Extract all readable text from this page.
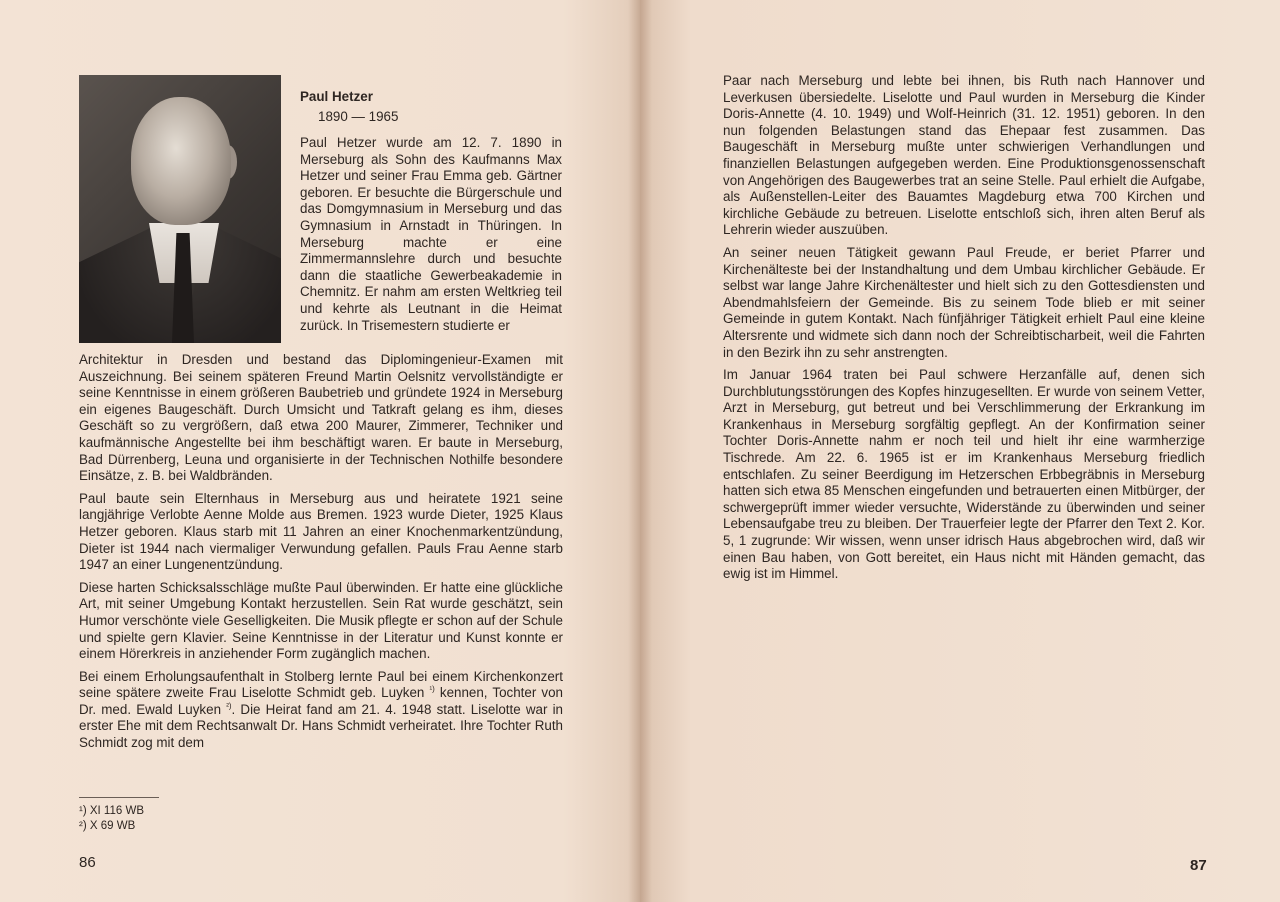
Paul Hetzer
1890 — 1965

Paul Hetzer wurde am 12. 7. 1890 in Merseburg als Sohn des Kaufmanns Max Hetzer und seiner Frau Emma geb. Gärtner geboren. Er besuchte die Bürgerschule und das Domgymnasium in Merseburg und das Gymnasium in Arnstadt in Thüringen. In Merseburg machte er eine Zimmermannslehre durch und besuchte dann die staatliche Gewerbeakademie in Chemnitz. Er nahm am ersten Weltkrieg teil und kehrte als Leutnant in die Heimat zurück. In Trisemestern studierte er

Architektur in Dresden und bestand das Diplomingenieur-Examen mit Auszeichnung. Bei seinem späteren Freund Martin Oelsnitz vervollständigte er seine Kenntnisse in einem größeren Baubetrieb und gründete 1924 in Merseburg ein eigenes Baugeschäft. Durch Umsicht und Tatkraft gelang es ihm, dieses Geschäft so zu vergrößern, daß etwa 200 Maurer, Zimmerer, Techniker und kaufmännische Angestellte bei ihm beschäftigt waren. Er baute in Merseburg, Bad Dürrenberg, Leuna und organisierte in der Technischen Nothilfe besondere Einsätze, z. B. bei Waldbränden.

Paul baute sein Elternhaus in Merseburg aus und heiratete 1921 seine langjährige Verlobte Aenne Molde aus Bremen. 1923 wurde Dieter, 1925 Klaus Hetzer geboren. Klaus starb mit 11 Jahren an einer Knochenmarkentzündung, Dieter ist 1944 nach viermaliger Verwundung gefallen. Pauls Frau Aenne starb 1947 an einer Lungenentzündung.

Diese harten Schicksalsschläge mußte Paul überwinden. Er hatte eine glückliche Art, mit seiner Umgebung Kontakt herzustellen. Sein Rat wurde geschätzt, sein Humor verschönte viele Geselligkeiten. Die Musik pflegte er schon auf der Schule und spielte gern Klavier. Seine Kenntnisse in der Literatur und Kunst konnte er einem Hörerkreis in anziehender Form zugänglich machen.

Bei einem Erholungsaufenthalt in Stolberg lernte Paul bei einem Kirchenkonzert seine spätere zweite Frau Liselotte Schmidt geb. Luyken $^{^1)}$ kennen, Tochter von Dr. med. Ewald Luyken $^{^2)}$. Die Heirat fand am 21. 4. 1948 statt. Liselotte war in erster Ehe mit dem Rechtsanwalt Dr. Hans Schmidt verheiratet. Ihre Tochter Ruth Schmidt zog mit dem

¹) XI 116 WB
²) X 69 WB
86

Paar nach Merseburg und lebte bei ihnen, bis Ruth nach Hannover und Leverkusen übersiedelte. Liselotte und Paul wurden in Merseburg die Kinder Doris-Annette (4. 10. 1949) und Wolf-Heinrich (31. 12. 1951) geboren. In den nun folgenden Belastungen stand das Ehepaar fest zusammen. Das Baugeschäft in Merseburg mußte unter schwierigen Verhandlungen und finanziellen Belastungen aufgegeben werden. Eine Produktionsgenossenschaft von Angehörigen des Baugewerbes trat an seine Stelle. Paul erhielt die Aufgabe, als Außenstellen-Leiter des Bauamtes Magdeburg etwa 700 Kirchen und kirchliche Gebäude zu betreuen. Liselotte entschloß sich, ihren alten Beruf als Lehrerin wieder auszuüben.

An seiner neuen Tätigkeit gewann Paul Freude, er beriet Pfarrer und Kirchenälteste bei der Instandhaltung und dem Umbau kirchlicher Gebäude. Er selbst war lange Jahre Kirchenältester und hielt sich zu den Gottesdiensten und Abendmahlsfeiern der Gemeinde. Bis zu seinem Tode blieb er mit seiner Gemeinde in gutem Kontakt. Nach fünfjähriger Tätigkeit erhielt Paul eine kleine Altersrente und widmete sich dann noch der Schreibtischarbeit, weil die Fahrten in den Bezirk ihn zu sehr anstrengten.

Im Januar 1964 traten bei Paul schwere Herzanfälle auf, denen sich Durchblutungsstörungen des Kopfes hinzugesellten. Er wurde von seinem Vetter, Arzt in Merseburg, gut betreut und bei Verschlimmerung der Erkrankung im Krankenhaus in Merseburg sorgfältig gepflegt. An der Konfirmation seiner Tochter Doris-Annette nahm er noch teil und hielt ihr eine warmherzige Tischrede. Am 22. 6. 1965 ist er im Krankenhaus Merseburg friedlich entschlafen. Zu seiner Beerdigung im Hetzerschen Erbbegräbnis in Merseburg hatten sich etwa 85 Menschen eingefunden und betrauerten einen Mitbürger, der schwergeprüft immer wieder versuchte, Widerstände zu überwinden und seiner Lebensaufgabe treu zu bleiben. Der Trauerfeier legte der Pfarrer den Text 2. Kor. 5, 1 zugrunde: Wir wissen, wenn unser idrisch Haus abgebrochen wird, daß wir einen Bau haben, von Gott bereitet, ein Haus nicht mit Händen gemacht, das ewig ist im Himmel.

87
